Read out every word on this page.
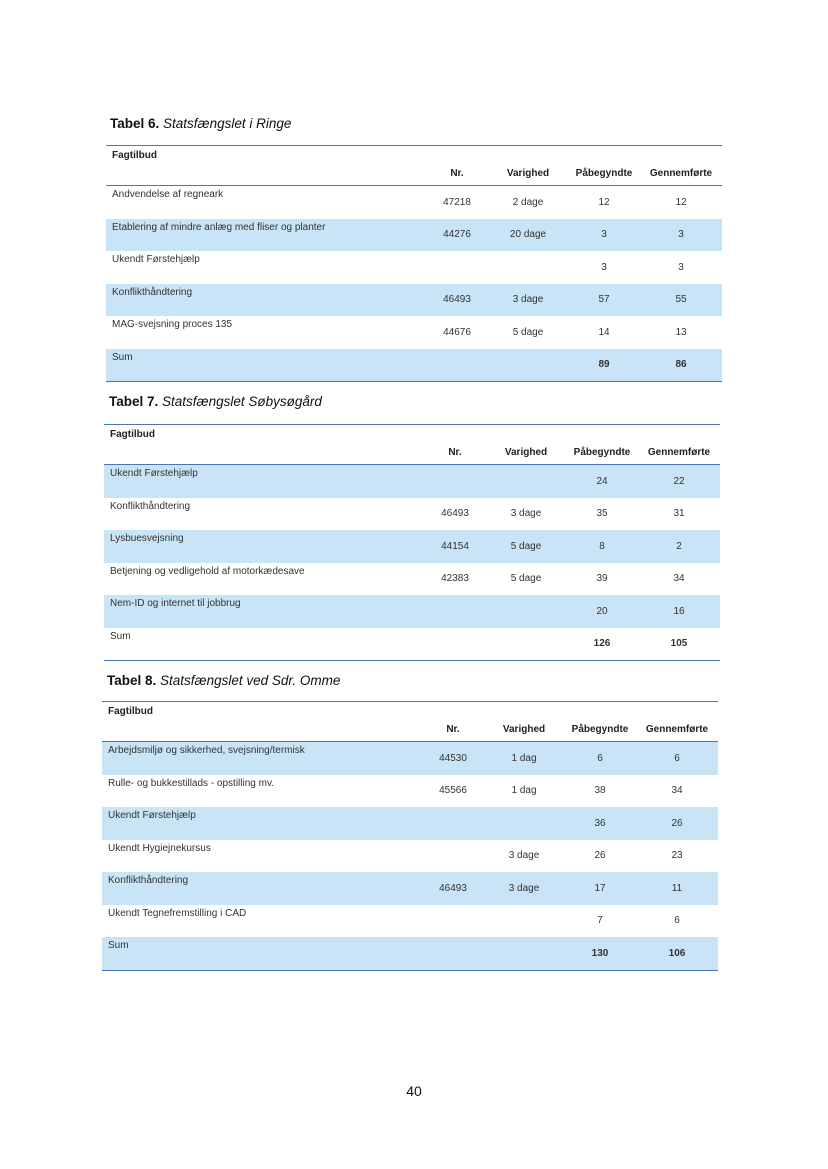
Tabel 6. Statsfængslet i Ringe
Fagtilbud	Nr.	Varighed	Påbegyndte	Gennemførte
Andvendelse af regneark	47218	2 dage	12	12
Etablering af mindre anlæg med fliser og planter	44276	20 dage	3	3
Ukendt Førstehjælp			3	3
Konflikthåndtering	46493	3 dage	57	55
MAG-svejsning proces 135	44676	5 dage	14	13
Sum			89	86
Tabel 7. Statsfængslet Søbysøgård
Fagtilbud	Nr.	Varighed	Påbegyndte	Gennemførte
Ukendt Førstehjælp			24	22
Konflikthåndtering	46493	3 dage	35	31
Lysbuesvejsning	44154	5 dage	8	2
Betjening og vedligehold af motorkædesave	42383	5 dage	39	34
Nem-ID og internet til jobbrug			20	16
Sum			126	105
Tabel 8. Statsfængslet ved Sdr. Omme
Fagtilbud	Nr.	Varighed	Påbegyndte	Gennemførte
Arbejdsmiljø og sikkerhed, svejsning/termisk	44530	1 dag	6	6
Rulle- og bukkestillads - opstilling mv.	45566	1 dag	38	34
Ukendt Førstehjælp			36	26
Ukendt Hygiejnekursus		3 dage	26	23
Konflikthåndtering	46493	3 dage	17	11
Ukendt Tegnefremstilling i CAD			7	6
Sum			130	106
40
